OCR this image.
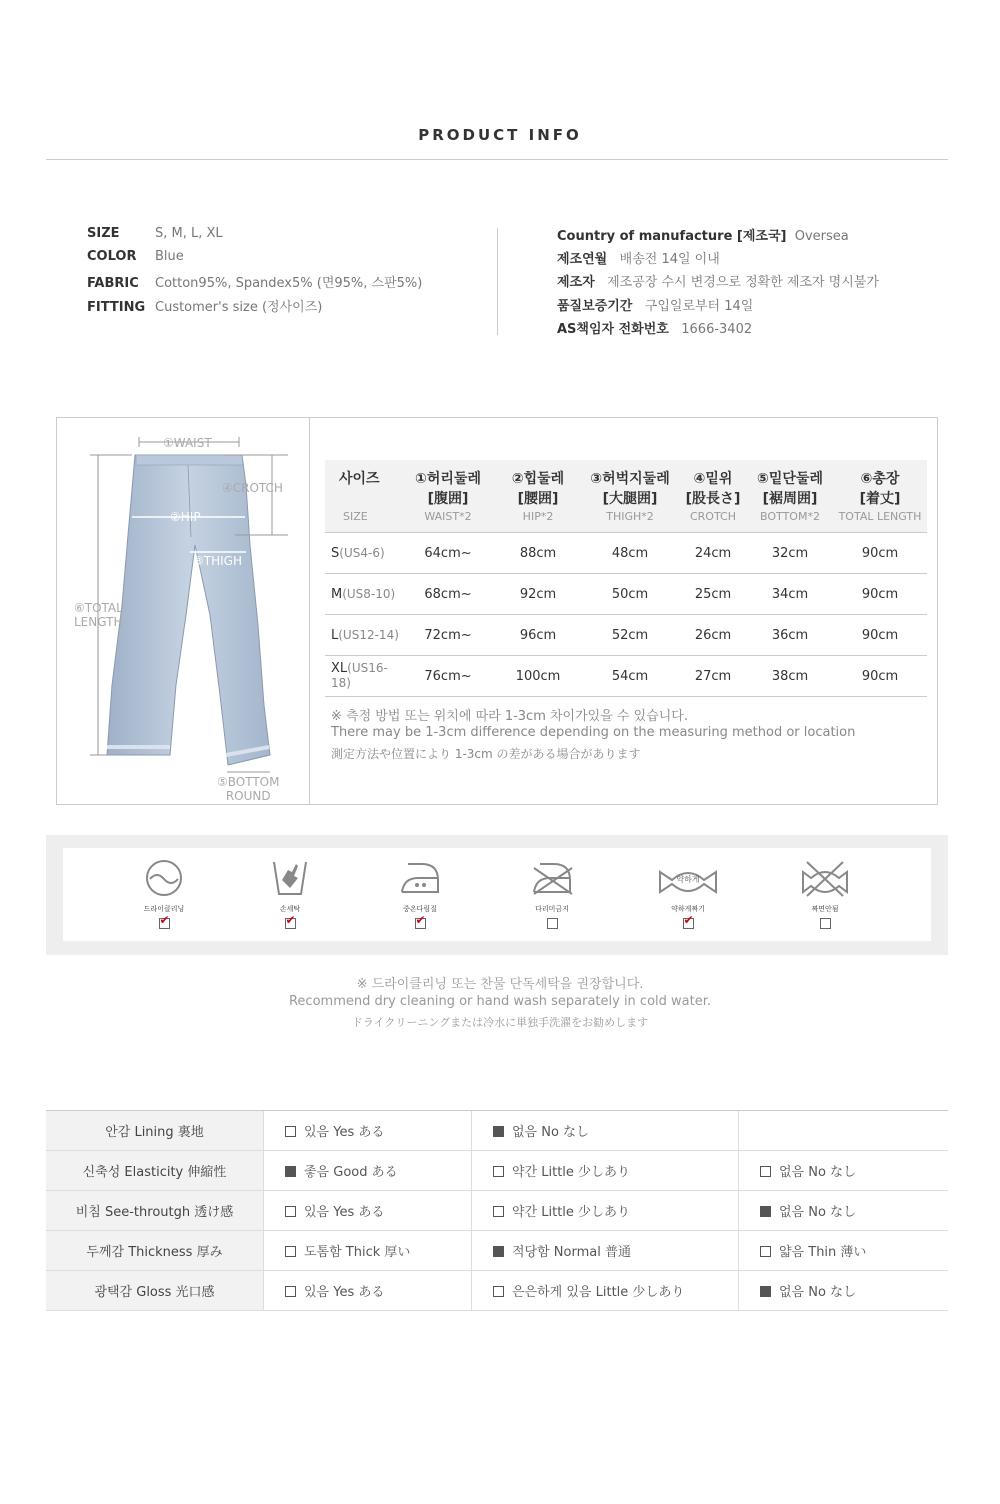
PRODUCT INFO
SIZE	S, M, L, XL
COLOR Blue
FABRIC Cotton95%, Spandex5% (면95%, 스판5%)
FITTING Customer's size (정사이즈)
Country of manufacture [제조국] Oversea
제조연월 배송전 14일 이내
제조자 제조공장 수시 변경으로 정확한 제조자 명시불가
품질보증기간 구입일로부터 14일
AS책임자 전화번호 1666-3402
①WAIST
④CROTCH
②HIP
③THIGH
⑥TOTAL
LENGTH
⑤BOTTOM
ROUND
사이즈	①허리둘레	②힙둘레	③허벅지둘레	④밑위	⑤밑단둘레	⑥총장
	[腹囲]	[腰囲]	[大腿囲]	[股長さ]	[裾周囲]	[着丈]
SIZE	WAIST*2	HIP*2	THIGH*2	CROTCH	BOTTOM*2	TOTAL LENGTH
S(US4-6)	64cm~	88cm	48cm	24cm	32cm	90cm
M(US8-10)	68cm~	92cm	50cm	25cm	34cm	90cm
L(US12-14)	72cm~	96cm	52cm	26cm	36cm	90cm
XL(US16-18)	76cm~	100cm	54cm	27cm	38cm	90cm
※ 측정 방법 또는 위치에 따라 1-3cm 차이가있을 수 있습니다.
There may be 1-3cm difference depending on the measuring method or location
測定方法や位置により 1-3cm の差がある場合があります
드라이클리닝
✔	손세탁
✔	중온다림질
✔	다리미금지
약하게
약하게짜기
✔	짜면안됨
※ 드라이클리닝 또는 찬물 단독세탁을 권장합니다.
Recommend dry cleaning or hand wash separately in cold water.
ドライクリーニングまたは冷水に単独手洗濯をお勧めします
안감 Lining 裏地	있음 Yes ある	없음 No なし	
신축성 Elasticity 伸縮性	좋음 Good ある	약간 Little 少しあり	없음 No なし
비침 See-throutgh 透け感	있음 Yes ある	약간 Little 少しあり	없음 No なし
두께감 Thickness 厚み	도톰함 Thick 厚い	적당함 Normal 普通	얇음 Thin 薄い
광택감 Gloss 光口感	있음 Yes ある	은은하게 있음 Little 少しあり	없음 No なし
